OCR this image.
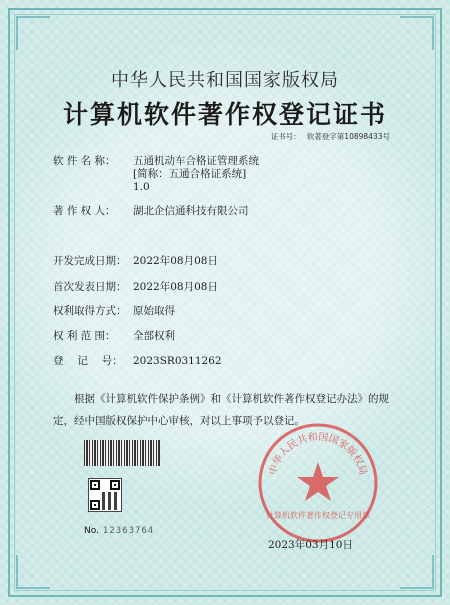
中华人民共和国国家版权局
计算机软件著作权登记证书
证书号： 软著登字第10898433号
软 件 名 称：	五通机动车合格证管理系统
[简称：五通合格证系统]
1.0
著 作 权 人：	湖北企信通科技有限公司
开发完成日期： 2022年08月08日
首次发表日期： 2022年08月08日
权利取得方式： 原始取得
权 利 范 围：	全部权利
登　 记　 号： 2023SR0311262
根据《计算机软件保护条例》和《计算机软件著作权登记办法》的规定，经中国版权保护中心审核，对以上事项予以登记。
No. 12363764
中华人民共和国国家版权局
计算机软件著作权登记专用章
2023年03月10日
